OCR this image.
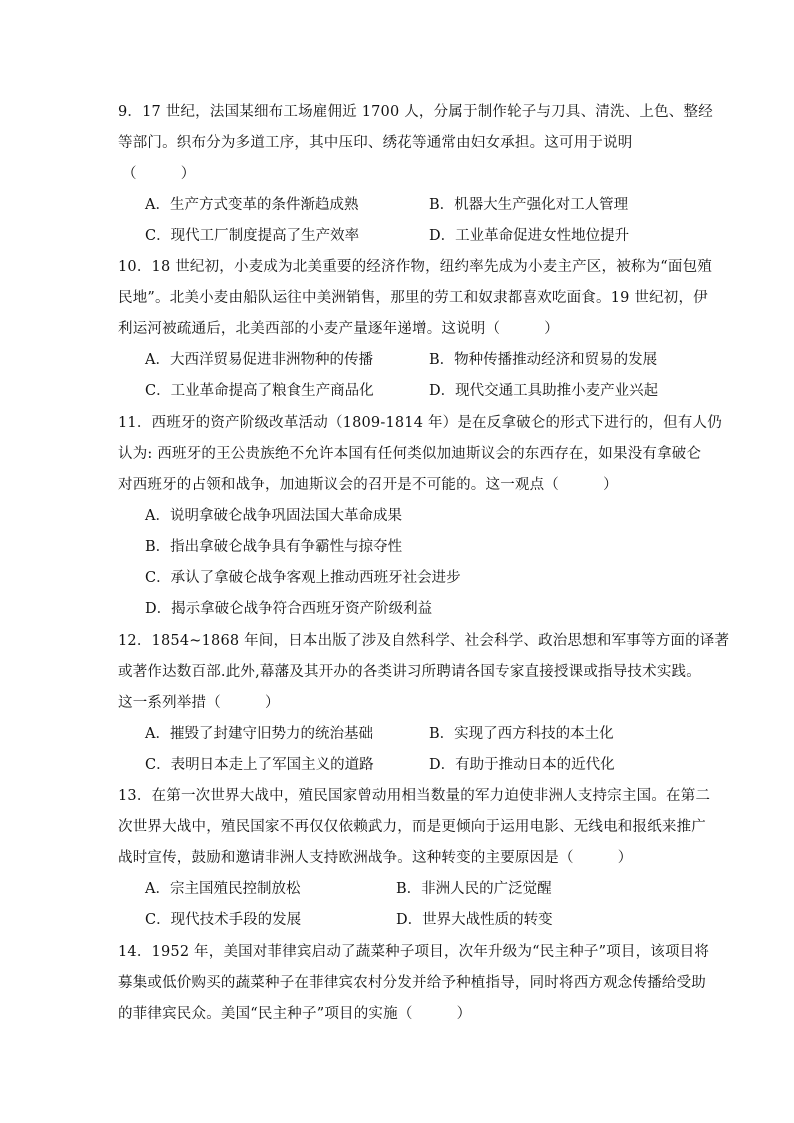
9．17 世纪，法国某细布工场雇佣近 1700 人，分属于制作轮子与刀具、清洗、上色、整经
等部门。织布分为多道工序，其中压印、绣花等通常由妇女承担。这可用于说明
（　　　）
A．生产方式变革的条件渐趋成熟	B．机器大生产强化对工人管理
C．现代工厂制度提高了生产效率	D．工业革命促进女性地位提升
10．18 世纪初，小麦成为北美重要的经济作物，纽约率先成为小麦主产区，被称为“面包殖
民地”。北美小麦由船队运往中美洲销售，那里的劳工和奴隶都喜欢吃面食。19 世纪初，伊
利运河被疏通后，北美西部的小麦产量逐年递增。这说明（　　　）
A．大西洋贸易促进非洲物种的传播	B．物种传播推动经济和贸易的发展
C．工业革命提高了粮食生产商品化	D．现代交通工具助推小麦产业兴起
11．西班牙的资产阶级改革活动（1809-1814 年）是在反拿破仑的形式下进行的，但有人仍
认为: 西班牙的王公贵族绝不允许本国有任何类似加迪斯议会的东西存在，如果没有拿破仑
对西班牙的占领和战争，加迪斯议会的召开是不可能的。这一观点（　　　）
A．说明拿破仑战争巩固法国大革命成果
B．指出拿破仑战争具有争霸性与掠夺性
C．承认了拿破仑战争客观上推动西班牙社会进步
D．揭示拿破仑战争符合西班牙资产阶级利益
12．1854~1868 年间，日本出版了涉及自然科学、社会科学、政治思想和军事等方面的译著
或著作达数百部.此外,幕藩及其开办的各类讲习所聘请各国专家直接授课或指导技术实践。
这一系列举措（　　　）
A．摧毁了封建守旧势力的统治基础	B．实现了西方科技的本土化
C．表明日本走上了军国主义的道路	D．有助于推动日本的近代化
13．在第一次世界大战中，殖民国家曾动用相当数量的军力迫使非洲人支持宗主国。在第二
次世界大战中，殖民国家不再仅仅依赖武力，而是更倾向于运用电影、无线电和报纸来推广
战时宣传，鼓励和邀请非洲人支持欧洲战争。这种转变的主要原因是（　　　）
A．宗主国殖民控制放松	B．非洲人民的广泛觉醒
C．现代技术手段的发展	D．世界大战性质的转变
14．1952 年，美国对菲律宾启动了蔬菜种子项目，次年升级为“民主种子”项目，该项目将
募集或低价购买的蔬菜种子在菲律宾农村分发并给予种植指导，同时将西方观念传播给受助
的菲律宾民众。美国“民主种子”项目的实施（　　　）
